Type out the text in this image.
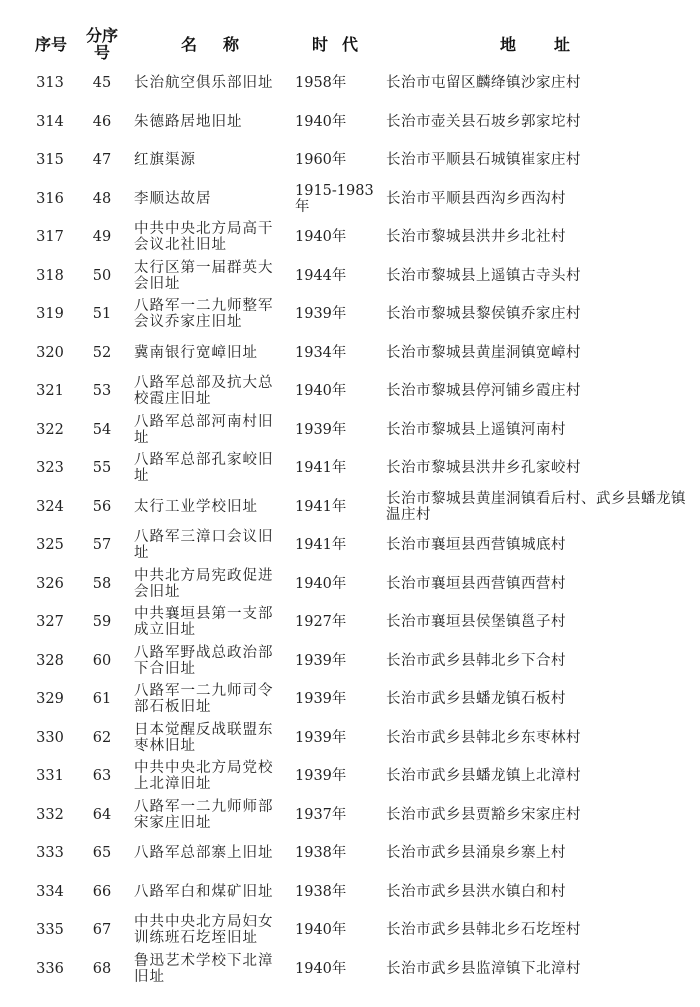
序号	分序号	名称	时代	地址
313	45	长治航空俱乐部旧址	1958年	长治市屯留区麟绛镇沙家庄村
314	46	朱德路居地旧址	1940年	长治市壶关县石坡乡郭家坨村
315	47	红旗渠源	1960年	长治市平顺县石城镇崔家庄村
316	48	李顺达故居	1915-1983年	长治市平顺县西沟乡西沟村
317	49	中共中央北方局高干会议北社旧址	1940年	长治市黎城县洪井乡北社村
318	50	太行区第一届群英大会旧址	1944年	长治市黎城县上遥镇古寺头村
319	51	八路军一二九师整军会议乔家庄旧址	1939年	长治市黎城县黎侯镇乔家庄村
320	52	冀南银行宽嶂旧址	1934年	长治市黎城县黄崖洞镇宽嶂村
321	53	八路军总部及抗大总校霞庄旧址	1940年	长治市黎城县停河铺乡霞庄村
322	54	八路军总部河南村旧址	1939年	长治市黎城县上遥镇河南村
323	55	八路军总部孔家峧旧址	1941年	长治市黎城县洪井乡孔家峧村
324	56	太行工业学校旧址	1941年	长治市黎城县黄崖洞镇看后村、武乡县蟠龙镇温庄村
325	57	八路军三漳口会议旧址	1941年	长治市襄垣县西营镇城底村
326	58	中共北方局宪政促进会旧址	1940年	长治市襄垣县西营镇西营村
327	59	中共襄垣县第一支部成立旧址	1927年	长治市襄垣县侯堡镇邕子村
328	60	八路军野战总政治部下合旧址	1939年	长治市武乡县韩北乡下合村
329	61	八路军一二九师司令部石板旧址	1939年	长治市武乡县蟠龙镇石板村
330	62	日本觉醒反战联盟东枣林旧址	1939年	长治市武乡县韩北乡东枣林村
331	63	中共中央北方局党校上北漳旧址	1939年	长治市武乡县蟠龙镇上北漳村
332	64	八路军一二九师师部宋家庄旧址	1937年	长治市武乡县贾豁乡宋家庄村
333	65	八路军总部寨上旧址	1938年	长治市武乡县涌泉乡寨上村
334	66	八路军白和煤矿旧址	1938年	长治市武乡县洪水镇白和村
335	67	中共中央北方局妇女训练班石圪垤旧址	1940年	长治市武乡县韩北乡石圪垤村
336	68	鲁迅艺术学校下北漳旧址	1940年	长治市武乡县监漳镇下北漳村
